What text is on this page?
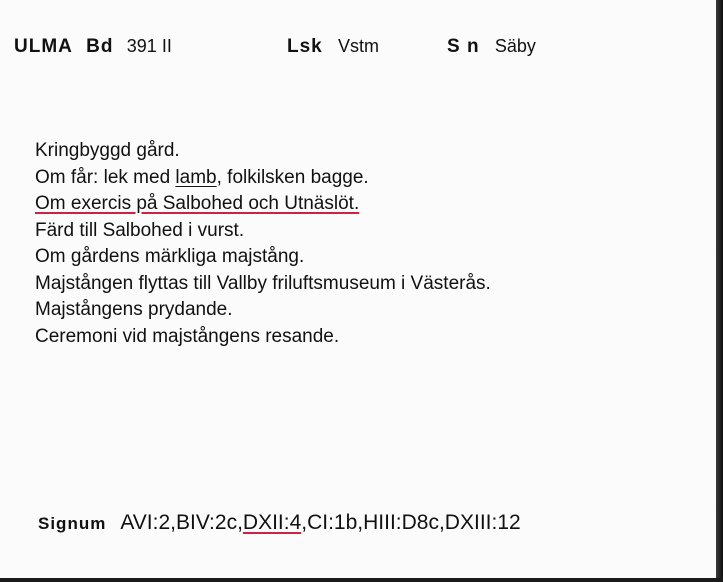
ULMA Bd 391 II	Lsk Vstm	S n Säby
Kringbyggd gård.
Om får: lek med lamb, folkilsken bagge.
Om exercis på Salbohed och Utnäslöt.
Färd till Salbohed i vurst.
Om gårdens märkliga majstång.
Majstången flyttas till Vallby friluftsmuseum i Västerås.
Majstångens prydande.
Ceremoni vid majstångens resande.
Signum AVI:2,BIV:2c,DXII:4,CI:1b,HIII:D8c,DXIII:12
